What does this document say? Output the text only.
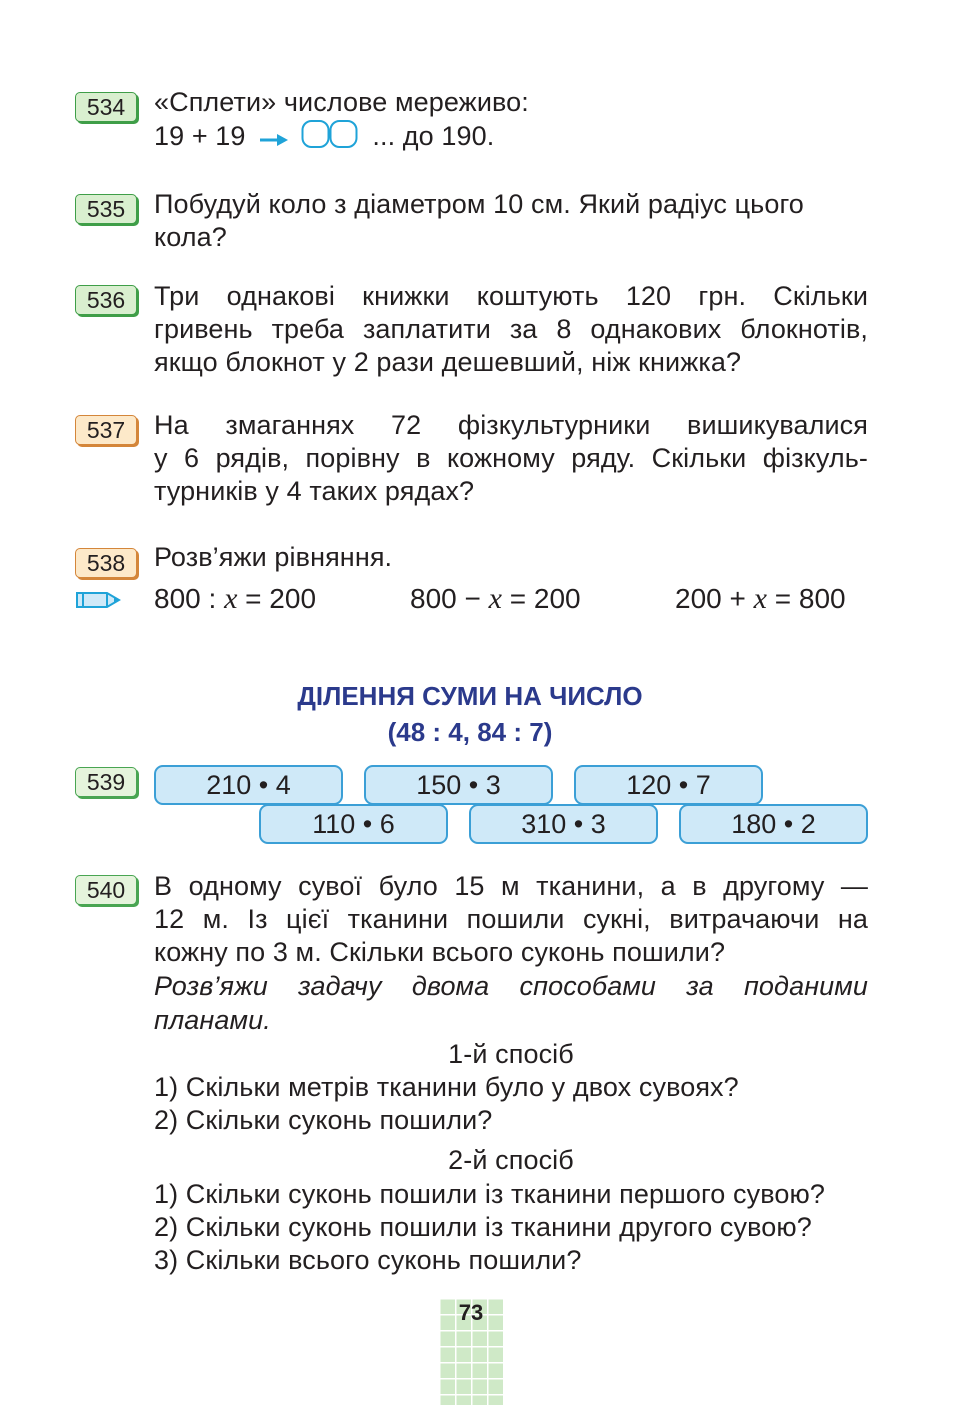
534	«Сплети» числове мереживо:
19 + 19	... до 190.
535	Побудуй коло з діаметром 10 см. Який радіус цього
кола?
536	Три однакові книжки коштують 120 грн. Скільки
гривень треба заплатити за 8 однакових блокнотів,
якщо блокнот у 2 рази дешевший, ніж книжка?
537	На змаганнях 72 фізкультурники вишикувалися
у 6 рядів, порівну в кожному ряду. Скільки фізкуль-
турників у 4 таких рядах?
538	Розв’яжи рівняння.
800 : x = 200	800 − x = 200	200 + x = 800
ДІЛЕННЯ СУМИ НА ЧИСЛО
(48 : 4, 84 : 7)
539	210 • 4	150 • 3	120 • 7
110 • 6	310 • 3	180 • 2
540	В одному сувої було 15 м тканини, а в другому —
12 м. Із цієї тканини пошили сукні, витрачаючи на
кожну по 3 м. Скільки всього суконь пошили?
Розв’яжи задачу двома способами за поданими
планами.
1-й спосіб
1) Скільки метрів тканини було у двох сувоях?
2) Скільки суконь пошили?
2-й спосіб
1) Скільки суконь пошили із тканини першого сувою?
2) Скільки суконь пошили із тканини другого сувою?
3) Скільки всього суконь пошили?
73
